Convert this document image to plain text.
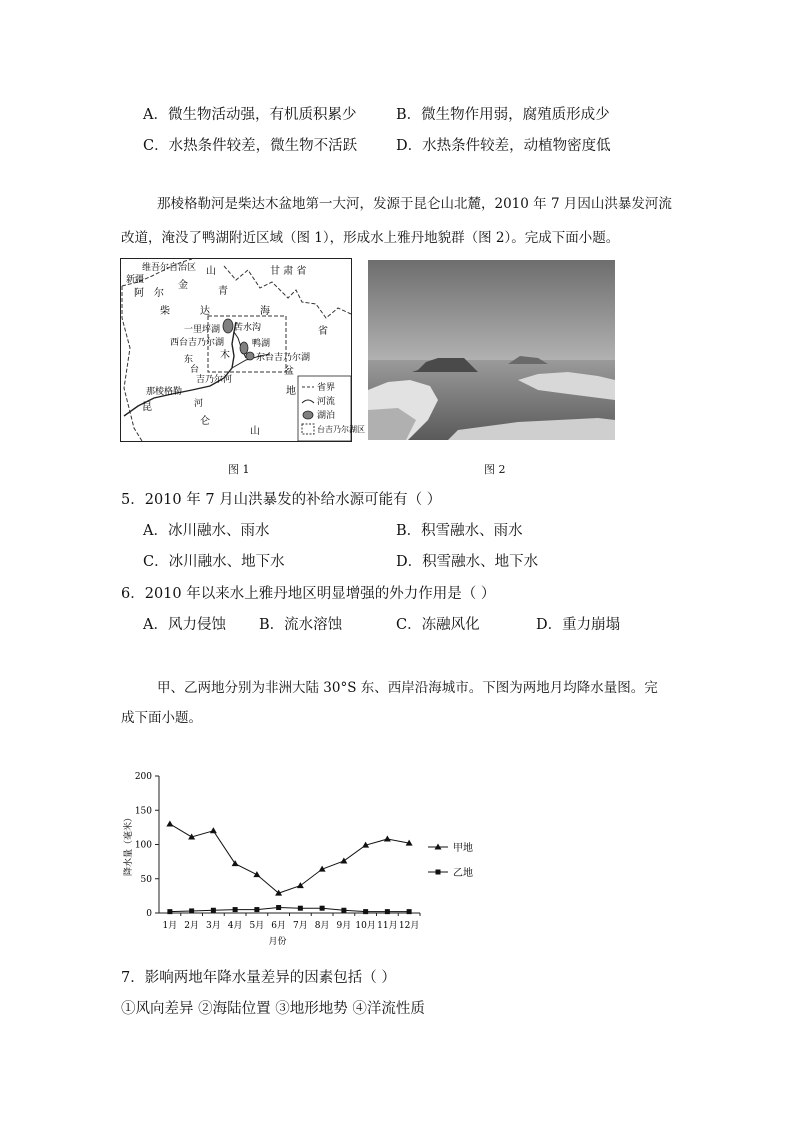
A．微生物活动强，有机质积累少	B．微生物作用弱，腐殖质形成少
C．水热条件较差，微生物不活跃	D．水热条件较差，动植物密度低
那棱格勒河是柴达木盆地第一大河，发源于昆仑山北麓，2010 年 7 月因山洪暴发河流
改道，淹没了鸭湖附近区域（图 1），形成水上雅丹地貌群（图 2）。完成下面小题。
新疆
维吾尔自治区
阿 尔
金
山
青
甘 肃 省
柴	达	海
省
一里坪湖 苦水沟
西台吉乃尔湖	鸭湖
木	东台吉乃尔湖
东
台
吉乃尔河
盆
地
那棱格勒
河
昆
仑
山
省界
河流
湖泊
台吉乃尔湖区
图 1	图 2
5．2010 年 7 月山洪暴发的补给水源可能有（ ）
A．冰川融水、雨水	B．积雪融水、雨水
C．冰川融水、地下水	D．积雪融水、地下水
6．2010 年以来水上雅丹地区明显增强的外力作用是（ ）
A．风力侵蚀 B．流水溶蚀	C．冻融风化	D．重力崩塌
甲、乙两地分别为非洲大陆 30°S 东、西岸沿海城市。下图为两地月均降水量图。完
成下面小题。
0
50
100
150
200
1月 2月 3月 4月 5月 6月 7月 8月 9月 10月 11月 12月
月份
降水量（毫米）	甲地
乙地
7．影响两地年降水量差异的因素包括（ ）
①风向差异 ②海陆位置 ③地形地势 ④洋流性质
